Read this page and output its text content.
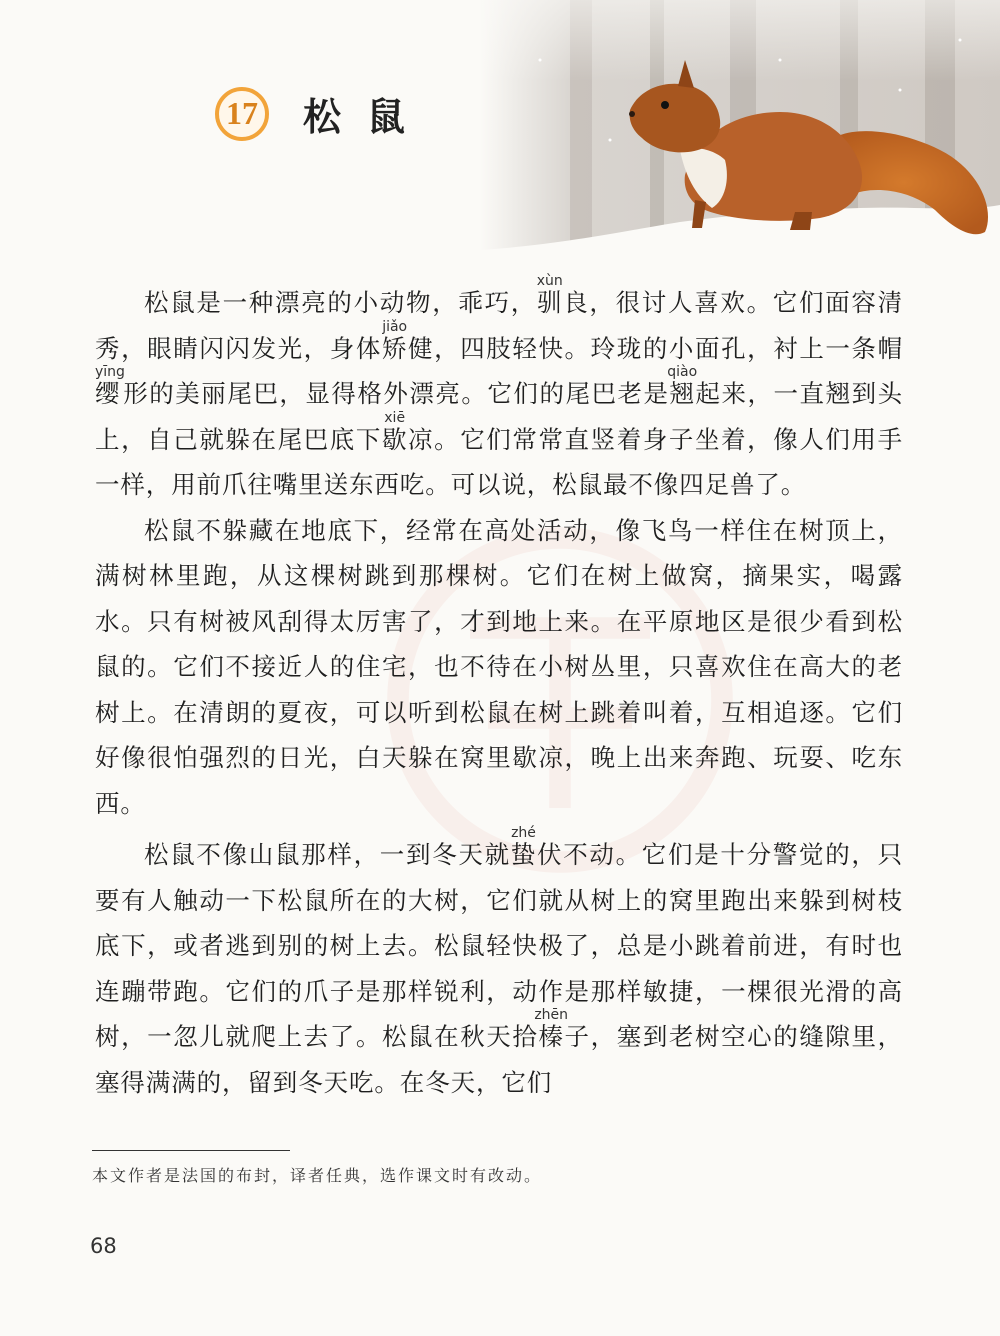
17 松鼠

松鼠是一种漂亮的小动物，乖巧，驯xùn良，很讨人喜欢。它们面容清秀，眼睛闪闪发光，身体矫jiǎo健，四肢轻快。玲珑的小面孔，衬上一条帽缨yīng形的美丽尾巴，显得格外漂亮。它们的尾巴老是翘qiào起来，一直翘到头上，自己就躲在尾巴底下歇xiē凉。它们常常直竖着身子坐着，像人们用手一样，用前爪往嘴里送东西吃。可以说，松鼠最不像四足兽了。

松鼠不躲藏在地底下，经常在高处活动，像飞鸟一样住在树顶上，满树林里跑，从这棵树跳到那棵树。它们在树上做窝，摘果实，喝露水。只有树被风刮得太厉害了，才到地上来。在平原地区是很少看到松鼠的。它们不接近人的住宅，也不待在小树丛里，只喜欢住在高大的老树上。在清朗的夏夜，可以听到松鼠在树上跳着叫着，互相追逐。它们好像很怕强烈的日光，白天躲在窝里歇凉，晚上出来奔跑、玩耍、吃东西。

松鼠不像山鼠那样，一到冬天就蛰zhé伏不动。它们是十分警觉的，只要有人触动一下松鼠所在的大树，它们就从树上的窝里跑出来躲到树枝底下，或者逃到别的树上去。松鼠轻快极了，总是小跳着前进，有时也连蹦带跑。它们的爪子是那样锐利，动作是那样敏捷，一棵很光滑的高树，一忽儿就爬上去了。松鼠在秋天拾榛zhēn子，塞到老树空心的缝隙里，塞得满满的，留到冬天吃。在冬天，它们

本文作者是法国的布封，译者任典，选作课文时有改动。
68
